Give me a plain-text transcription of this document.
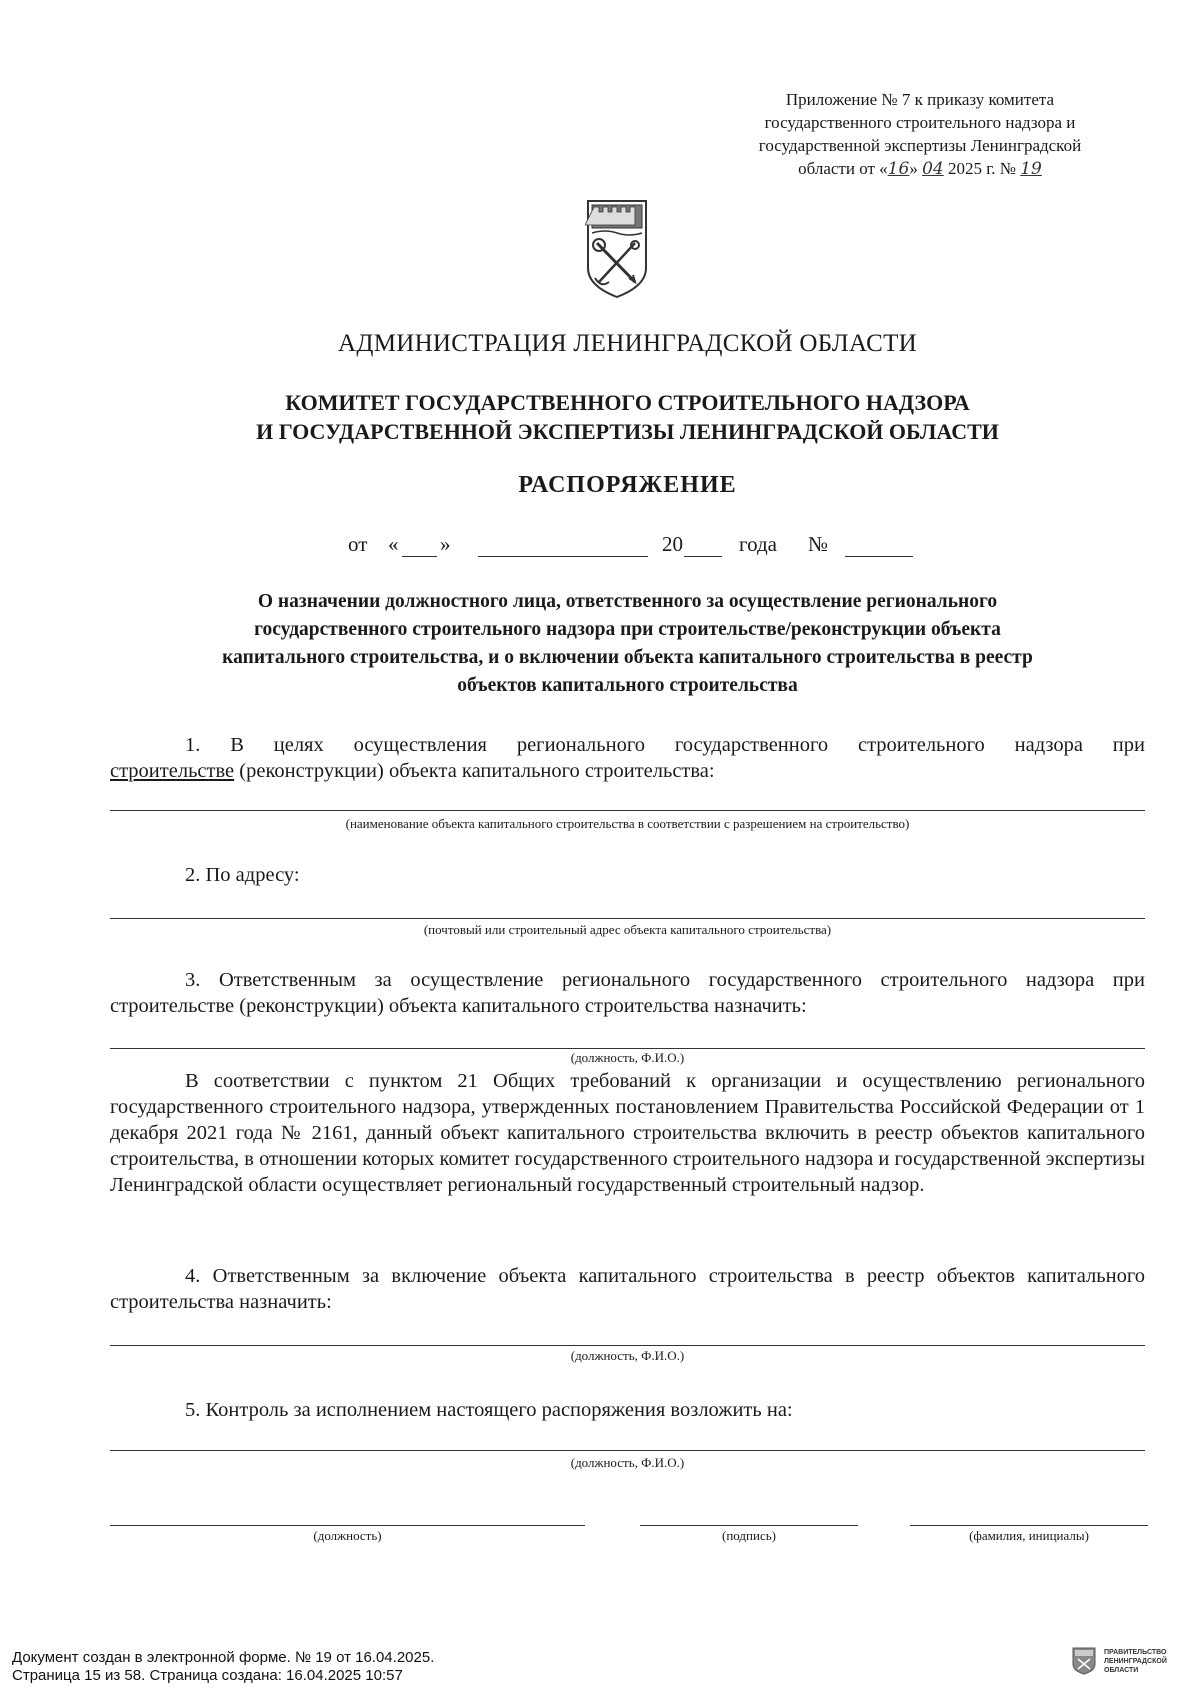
Приложение № 7 к приказу комитета
государственного строительного надзора и
государственной экспертизы Ленинградской
области от «16» 04 2025 г. № 19
АДМИНИСТРАЦИЯ ЛЕНИНГРАДСКОЙ ОБЛАСТИ
КОМИТЕТ ГОСУДАРСТВЕННОГО СТРОИТЕЛЬНОГО НАДЗОРА
И ГОСУДАРСТВЕННОЙ ЭКСПЕРТИЗЫ ЛЕНИНГРАДСКОЙ ОБЛАСТИ
РАСПОРЯЖЕНИЕ
от « »	20	года №
О назначении должностного лица, ответственного за осуществление регионального
государственного строительного надзора при строительстве/реконструкции объекта
капитального строительства, и о включении объекта капитального строительства в реестр
объектов капитального строительства
1. В целях осуществления регионального государственного строительного надзора при
строительстве (реконструкции) объекта капитального строительства:
(наименование объекта капитального строительства в соответствии с разрешением на строительство)
2. По адресу:
(почтовый или строительный адрес объекта капитального строительства)
3. Ответственным за осуществление регионального государственного строительного надзора при строительстве (реконструкции) объекта капитального строительства назначить:
(должность, Ф.И.О.)
В соответствии с пунктом 21 Общих требований к организации и осуществлению регионального государственного строительного надзора, утвержденных постановлением Правительства Российской Федерации от 1 декабря 2021 года № 2161, данный объект капитального строительства включить в реестр объектов капитального строительства, в отношении которых комитет государственного строительного надзора и государственной экспертизы Ленинградской области осуществляет региональный государственный строительный надзор.
4. Ответственным за включение объекта капитального строительства в реестр объектов капитального строительства назначить:
(должность, Ф.И.О.)
5. Контроль за исполнением настоящего распоряжения возложить на:
(должность, Ф.И.О.)
(должность)	(подпись)	(фамилия, инициалы)
Документ создан в электронной форме. № 19 от 16.04.2025.
Страница 15 из 58. Страница создана: 16.04.2025 10:57
ПРАВИТЕЛЬСТВО
ЛЕНИНГРАДСКОЙ
ОБЛАСТИ
